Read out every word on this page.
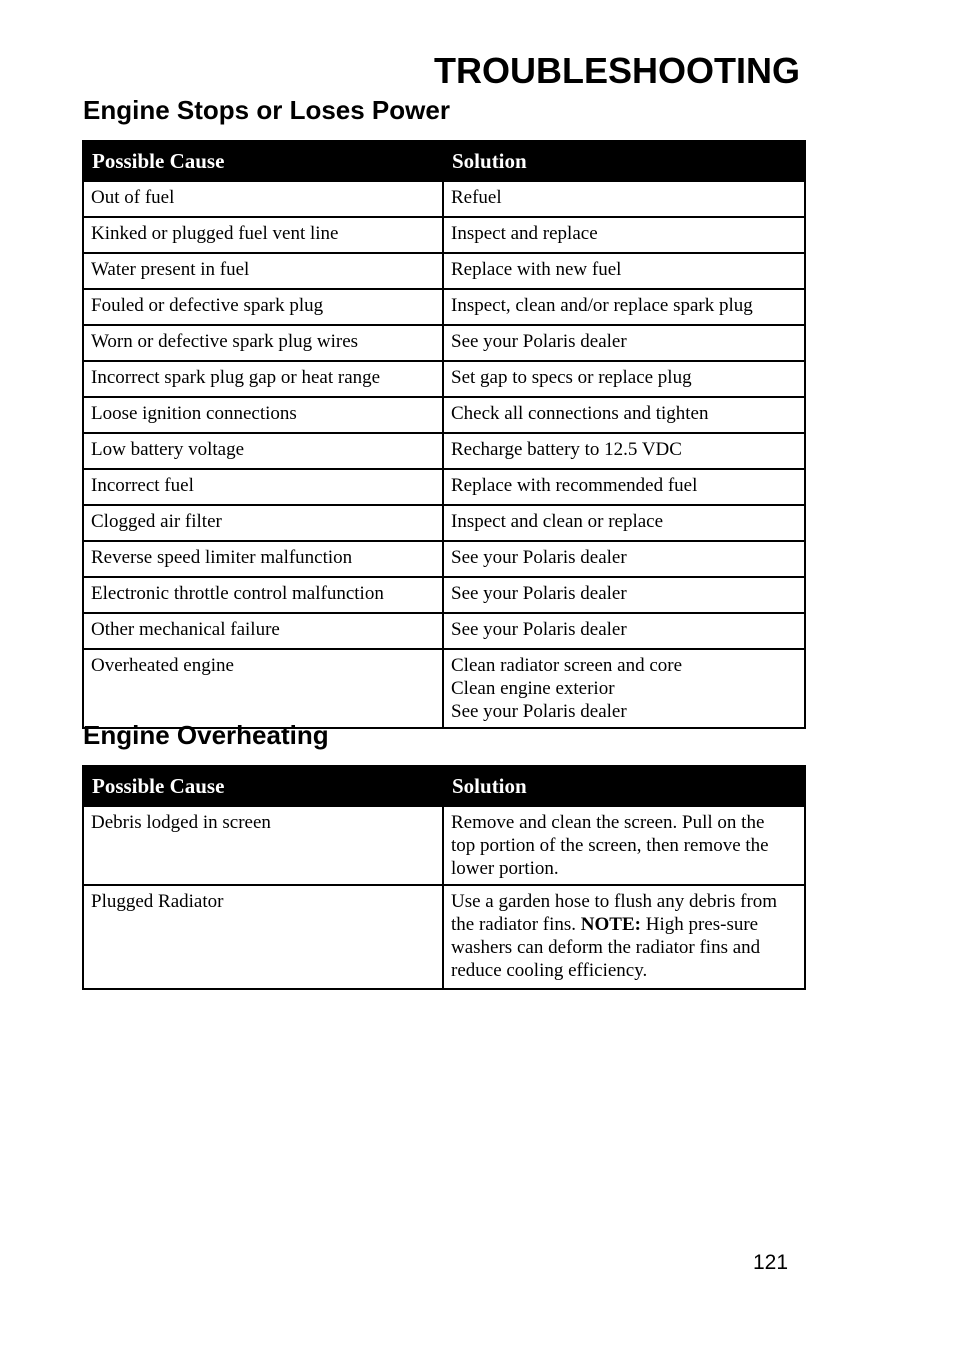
TROUBLESHOOTING
Engine Stops or Loses Power
Possible Cause	Solution
Out of fuel	Refuel
Kinked or plugged fuel vent line	Inspect and replace
Water present in fuel	Replace with new fuel
Fouled or defective spark plug	Inspect, clean and/or replace spark plug
Worn or defective spark plug wires	See your Polaris dealer
Incorrect spark plug gap or heat range	Set gap to specs or replace plug
Loose ignition connections	Check all connections and tighten
Low battery voltage	Recharge battery to 12.5 VDC
Incorrect fuel	Replace with recommended fuel
Clogged air filter	Inspect and clean or replace
Reverse speed limiter malfunction	See your Polaris dealer
Electronic throttle control malfunction	See your Polaris dealer
Other mechanical failure	See your Polaris dealer
Overheated engine	Clean radiator screen and core
Clean engine exterior
See your Polaris dealer
Engine Overheating
Possible Cause	Solution
Debris lodged in screen	Remove and clean the screen. Pull on the
top portion of the screen, then remove the
lower portion.

Plugged Radiator	Use a garden hose to flush any debris from the radiator fins. NOTE: High pres-sure washers can deform the radiator fins and reduce cooling efficiency.
121
